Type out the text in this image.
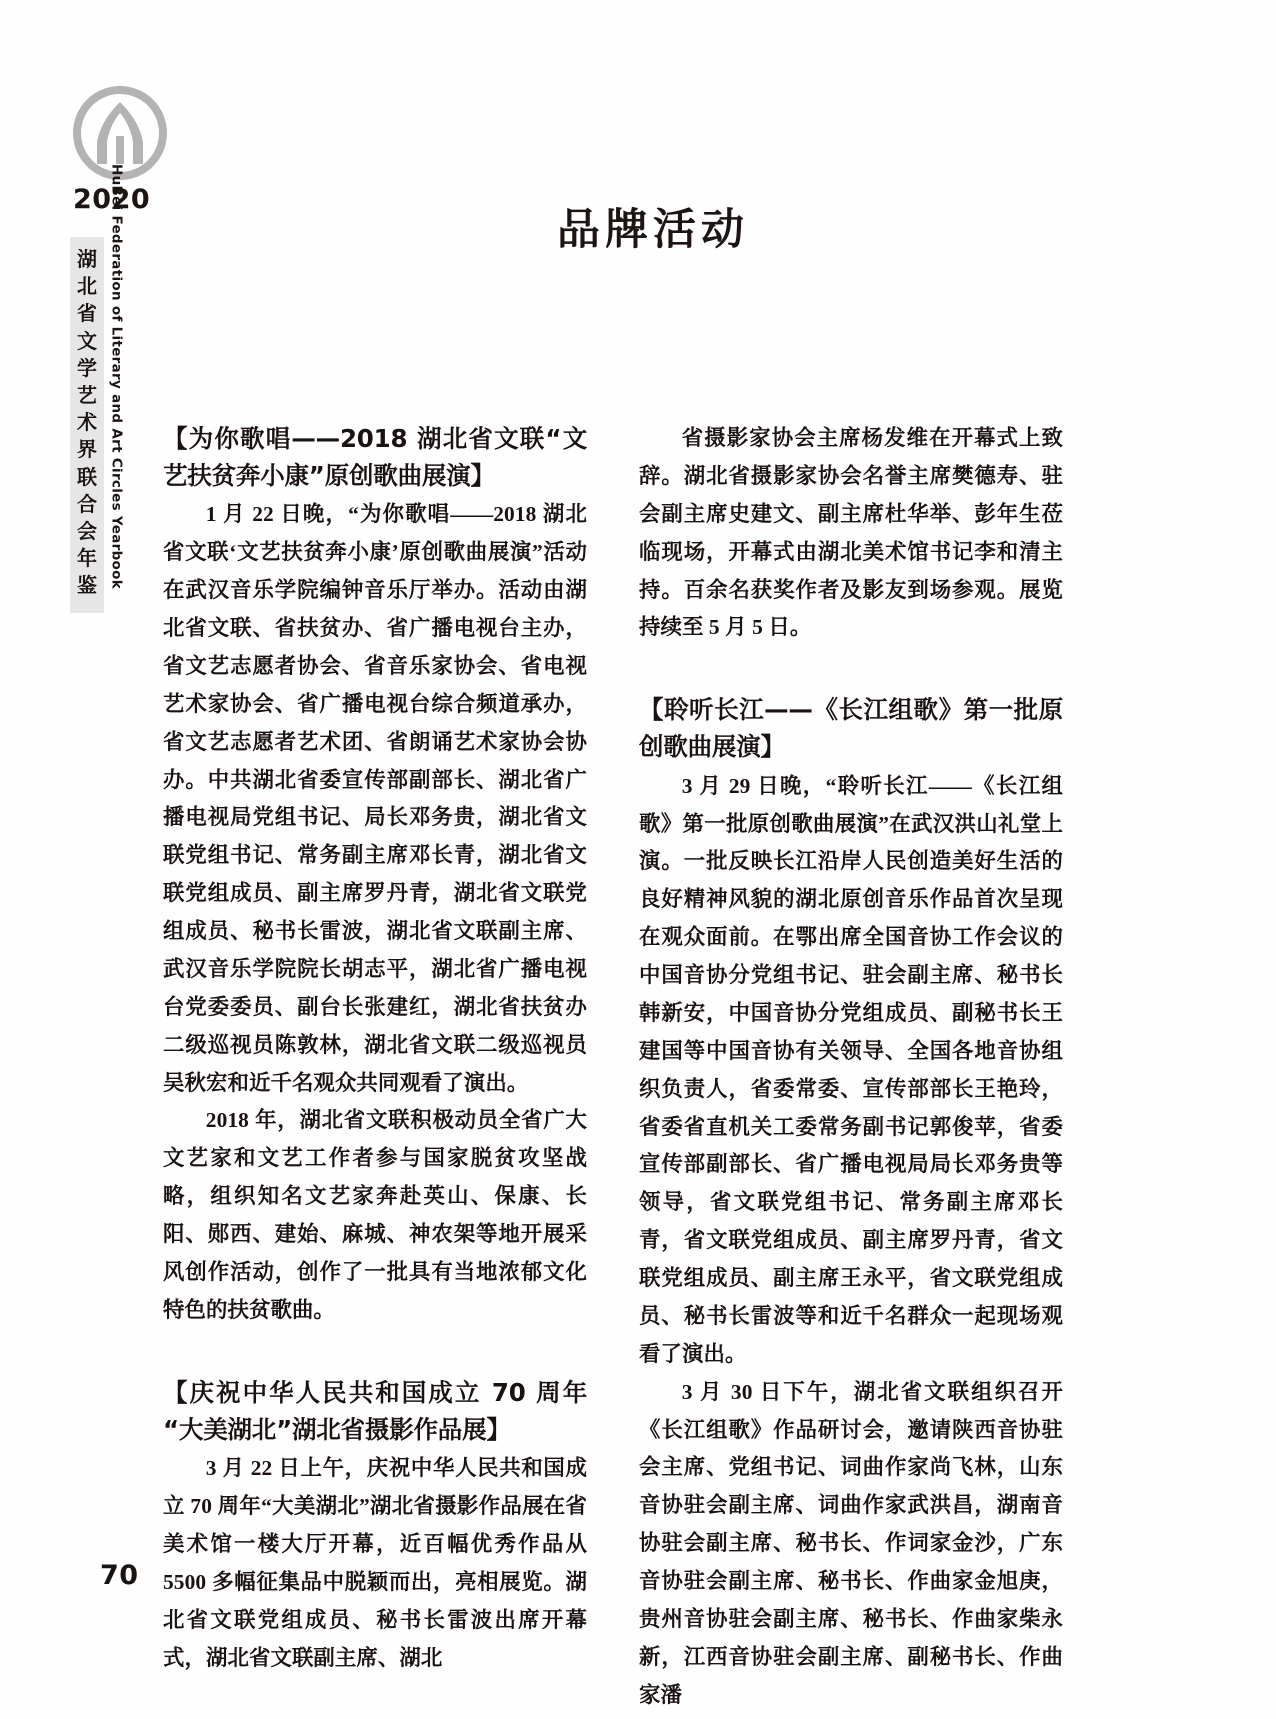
2020
湖北省文学艺术界联合会年鉴 HuBei Federation of Literary and Art Circles Yearbook	品牌活动
【为你歌唱——2018 湖北省文联“文艺扶贫奔小康”原创歌曲展演】

1 月 22 日晚，“为你歌唱——2018 湖北省文联‘文艺扶贫奔小康’原创歌曲展演”活动在武汉音乐学院编钟音乐厅举办。活动由湖北省文联、省扶贫办、省广播电视台主办，省文艺志愿者协会、省音乐家协会、省电视艺术家协会、省广播电视台综合频道承办，省文艺志愿者艺术团、省朗诵艺术家协会协办。中共湖北省委宣传部副部长、湖北省广播电视局党组书记、局长邓务贵，湖北省文联党组书记、常务副主席邓长青，湖北省文联党组成员、副主席罗丹青，湖北省文联党组成员、秘书长雷波，湖北省文联副主席、武汉音乐学院院长胡志平，湖北省广播电视台党委委员、副台长张建红，湖北省扶贫办二级巡视员陈敦林，湖北省文联二级巡视员吴秋宏和近千名观众共同观看了演出。

2018 年，湖北省文联积极动员全省广大文艺家和文艺工作者参与国家脱贫攻坚战略，组织知名文艺家奔赴英山、保康、长阳、郧西、建始、麻城、神农架等地开展采风创作活动，创作了一批具有当地浓郁文化特色的扶贫歌曲。

【庆祝中华人民共和国成立 70 周年“大美湖北”湖北省摄影作品展】

3 月 22 日上午，庆祝中华人民共和国成立 70 周年“大美湖北”湖北省摄影作品展在省美术馆一楼大厅开幕，近百幅优秀作品从 5500 多幅征集品中脱颖而出，亮相展览。湖北省文联党组成员、秘书长雷波出席开幕式，湖北省文联副主席、湖北

省摄影家协会主席杨发维在开幕式上致辞。湖北省摄影家协会名誉主席樊德寿、驻会副主席史建文、副主席杜华举、彭年生莅临现场，开幕式由湖北美术馆书记李和清主持。百余名获奖作者及影友到场参观。展览持续至 5 月 5 日。

【聆听长江——《长江组歌》第一批原创歌曲展演】

3 月 29 日晚，“聆听长江——《长江组歌》第一批原创歌曲展演”在武汉洪山礼堂上演。一批反映长江沿岸人民创造美好生活的良好精神风貌的湖北原创音乐作品首次呈现在观众面前。在鄂出席全国音协工作会议的中国音协分党组书记、驻会副主席、秘书长韩新安，中国音协分党组成员、副秘书长王建国等中国音协有关领导、全国各地音协组织负责人，省委常委、宣传部部长王艳玲，省委省直机关工委常务副书记郭俊苹，省委宣传部副部长、省广播电视局局长邓务贵等领导，省文联党组书记、常务副主席邓长青，省文联党组成员、副主席罗丹青，省文联党组成员、副主席王永平，省文联党组成员、秘书长雷波等和近千名群众一起现场观看了演出。

3 月 30 日下午，湖北省文联组织召开《长江组歌》作品研讨会，邀请陕西音协驻会主席、党组书记、词曲作家尚飞林，山东音协驻会副主席、词曲作家武洪昌，湖南音协驻会副主席、秘书长、作词家金沙，广东音协驻会副主席、秘书长、作曲家金旭庚，贵州音协驻会副主席、秘书长、作曲家柴永新，江西音协驻会副主席、副秘书长、作曲家潘

70
